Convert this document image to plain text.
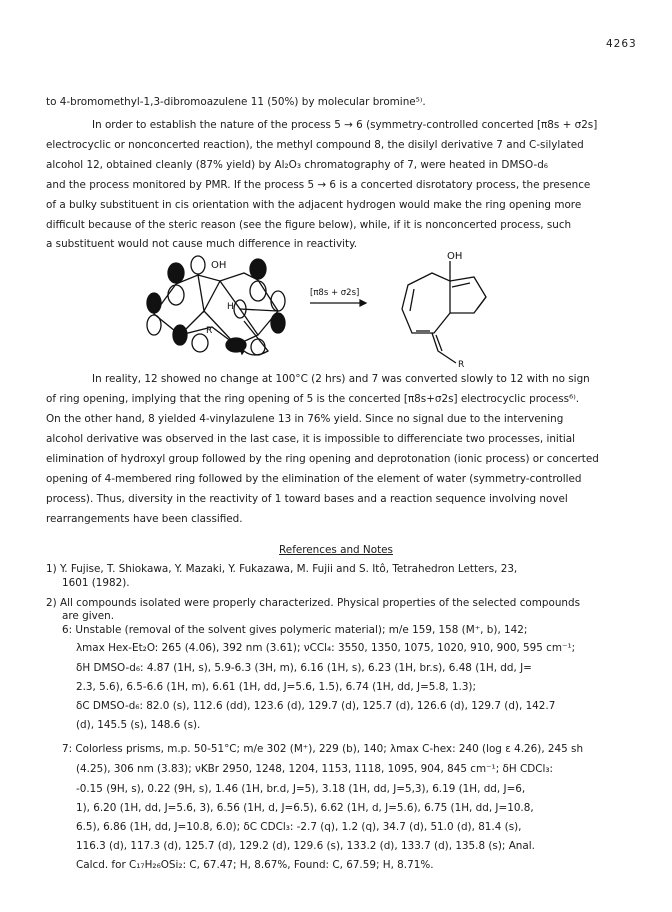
4263
to 4-bromomethyl-1,3-dibromoazulene 11 (50%) by molecular bromine⁵⁾.
In order to establish the nature of the process 5 → 6 (symmetry-controlled concerted [π8s + σ2s]
electrocyclic or nonconcerted reaction), the methyl compound 8, the disilyl derivative 7 and C-silylated
alcohol 12, obtained cleanly (87% yield) by Al₂O₃ chromatography of 7, were heated in DMSO-d₆
and the process monitored by PMR. If the process 5 → 6 is a concerted disrotatory process, the presence
of a bulky substituent in cis orientation with the adjacent hydrogen would make the ring opening more
difficult because of the steric reason (see the figure below), while, if it is nonconcerted process, such
a substituent would not cause much difference in reactivity.
OH
H
R
[π8s + σ2s]
OH
R
In reality, 12 showed no change at 100°C (2 hrs) and 7 was converted slowly to 12 with no sign
of ring opening, implying that the ring opening of 5 is the concerted [π8s+σ2s] electrocyclic process⁶⁾.
On the other hand, 8 yielded 4-vinylazulene 13 in 76% yield. Since no signal due to the intervening
alcohol derivative was observed in the last case, it is impossible to differenciate two processes, initial
elimination of hydroxyl group followed by the ring opening and deprotonation (ionic process) or concerted
opening of 4-membered ring followed by the elimination of the element of water (symmetry-controlled
process). Thus, diversity in the reactivity of 1 toward bases and a reaction sequence involving novel
rearrangements have been classified.
References and Notes
1) Y. Fujise, T. Shiokawa, Y. Mazaki, Y. Fukazawa, M. Fujii and S. Itô, Tetrahedron Letters, 23,
1601 (1982).
2) All compounds isolated were properly characterized. Physical properties of the selected compounds
are given.
6: Unstable (removal of the solvent gives polymeric material); m/e 159, 158 (M⁺, b), 142;
λmax Hex-Et₂O: 265 (4.06), 392 nm (3.61); νCCl₄: 3550, 1350, 1075, 1020, 910, 900, 595 cm⁻¹;
δH DMSO-d₆: 4.87 (1H, s), 5.9-6.3 (3H, m), 6.16 (1H, s), 6.23 (1H, br.s), 6.48 (1H, dd, J=
2.3, 5.6), 6.5-6.6 (1H, m), 6.61 (1H, dd, J=5.6, 1.5), 6.74 (1H, dd, J=5.8, 1.3);
δC DMSO-d₆: 82.0 (s), 112.6 (dd), 123.6 (d), 129.7 (d), 125.7 (d), 126.6 (d), 129.7 (d), 142.7
(d), 145.5 (s), 148.6 (s).
7: Colorless prisms, m.p. 50-51°C; m/e 302 (M⁺), 229 (b), 140; λmax C-hex: 240 (log ε 4.26), 245 sh
(4.25), 306 nm (3.83); νKBr 2950, 1248, 1204, 1153, 1118, 1095, 904, 845 cm⁻¹; δH CDCl₃:
-0.15 (9H, s), 0.22 (9H, s), 1.46 (1H, br.d, J=5), 3.18 (1H, dd, J=5,3), 6.19 (1H, dd, J=6,
1), 6.20 (1H, dd, J=5.6, 3), 6.56 (1H, d, J=6.5), 6.62 (1H, d, J=5.6), 6.75 (1H, dd, J=10.8,
6.5), 6.86 (1H, dd, J=10.8, 6.0); δC CDCl₃: -2.7 (q), 1.2 (q), 34.7 (d), 51.0 (d), 81.4 (s),
116.3 (d), 117.3 (d), 125.7 (d), 129.2 (d), 129.6 (s), 133.2 (d), 133.7 (d), 135.8 (s); Anal.
Calcd. for C₁₇H₂₆OSi₂: C, 67.47; H, 8.67%, Found: C, 67.59; H, 8.71%.
